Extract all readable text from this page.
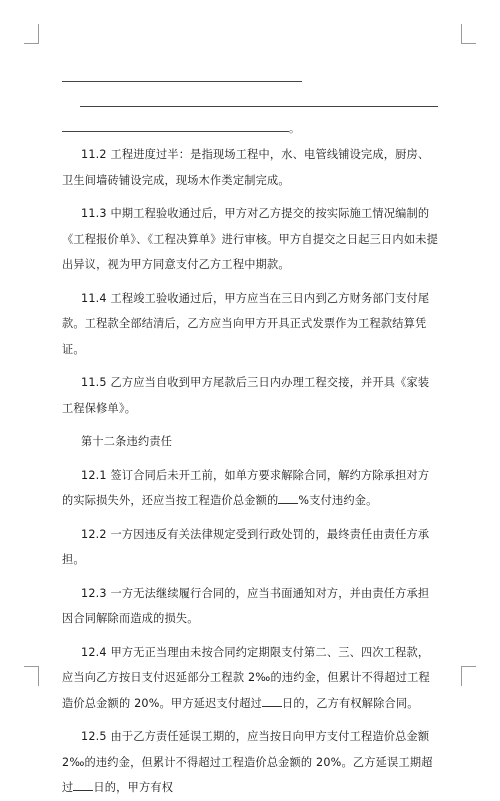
。

11.2 工程进度过半：是指现场工程中，水、电管线铺设完成，厨房、卫生间墙砖铺设完成，现场木作类定制完成。

11.3 中期工程验收通过后，甲方对乙方提交的按实际施工情况编制的《工程报价单》、《工程决算单》进行审核。甲方自提交之日起三日内如未提出异议，视为甲方同意支付乙方工程中期款。

11.4 工程竣工验收通过后，甲方应当在三日内到乙方财务部门支付尾款。工程款全部结清后，乙方应当向甲方开具正式发票作为工程款结算凭证。

11.5 乙方应当自收到甲方尾款后三日内办理工程交接，并开具《家装工程保修单》。

第十二条违约责任

12.1 签订合同后未开工前，如单方要求解除合同，解约方除承担对方的实际损失外，还应当按工程造价总金额的 %支付违约金。

12.2 一方因违反有关法律规定受到行政处罚的，最终责任由责任方承担。

12.3 一方无法继续履行合同的，应当书面通知对方，并由责任方承担因合同解除而造成的损失。

12.4 甲方无正当理由未按合同约定期限支付第二、三、四次工程款，应当向乙方按日支付迟延部分工程款 2‰的违约金，但累计不得超过工程造价总金额的 20%。甲方延迟支付超过 日的，乙方有权解除合同。

12.5 由于乙方责任延误工期的，应当按日向甲方支付工程造价总金额 2‰的违约金，但累计不得超过工程造价总金额的 20%。乙方延误工期超过 日的，甲方有权
